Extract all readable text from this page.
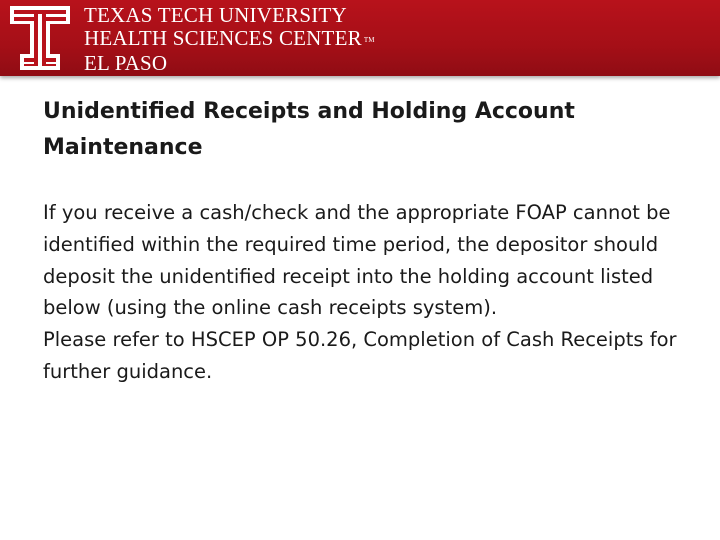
TEXAS TECH UNIVERSITY
HEALTH SCIENCES CENTER TM
EL PASO
Unidentified Receipts and Holding Account Maintenance

If you receive a cash/check and the appropriate FOAP cannot be identified within the required time period, the depositor should deposit the unidentified receipt into the holding account listed below (using the online cash receipts system).

Please refer to HSCEP OP 50.26, Completion of Cash Receipts for further guidance.
